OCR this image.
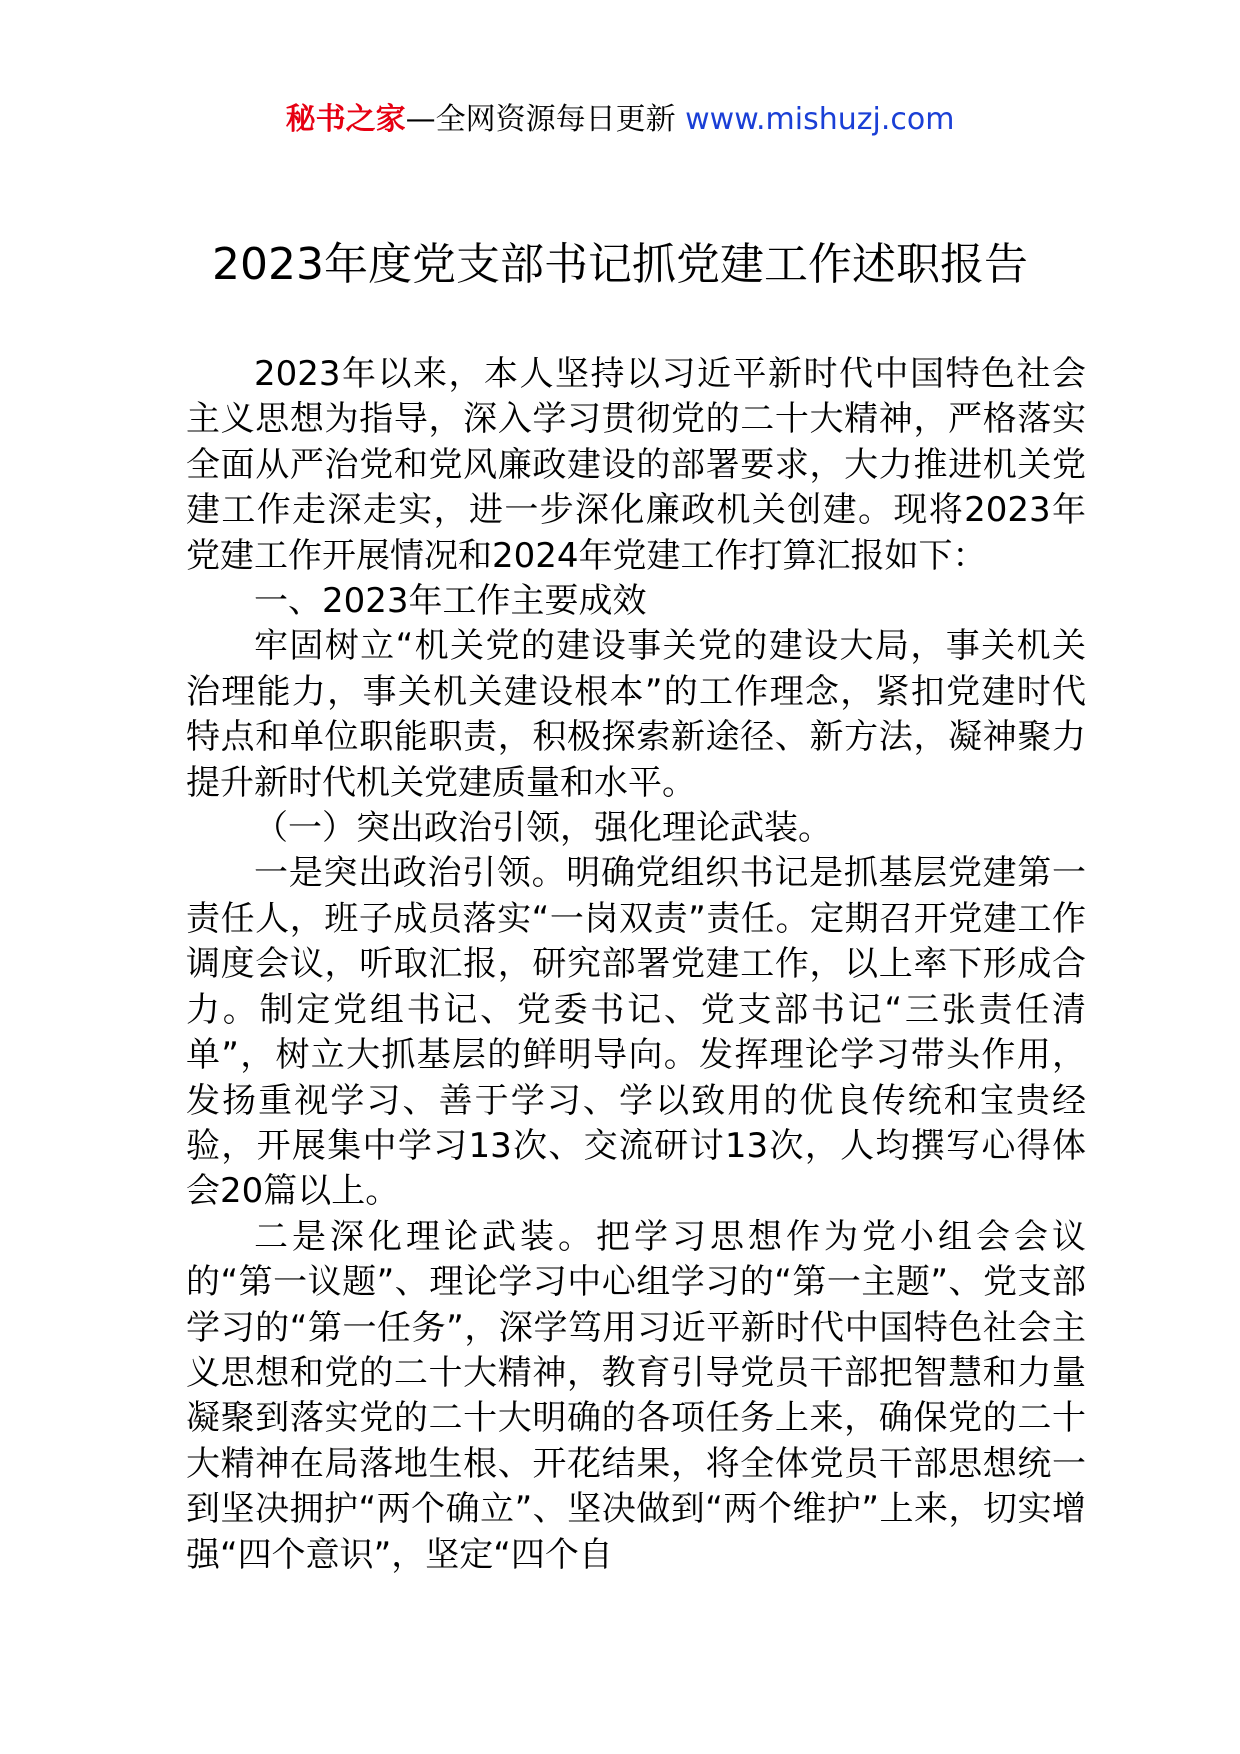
秘书之家—全网资源每日更新 www.mishuzj.com
2023年度党支部书记抓党建工作述职报告

2023年以来，本人坚持以习近平新时代中国特色社会主义思想为指导，深入学习贯彻党的二十大精神，严格落实全面从严治党和党风廉政建设的部署要求，大力推进机关党建工作走深走实，进一步深化廉政机关创建。现将2023年党建工作开展情况和2024年党建工作打算汇报如下：

一、2023年工作主要成效

牢固树立“机关党的建设事关党的建设大局，事关机关治理能力，事关机关建设根本”的工作理念，紧扣党建时代特点和单位职能职责，积极探索新途径、新方法，凝神聚力提升新时代机关党建质量和水平。

（一）突出政治引领，强化理论武装。

一是突出政治引领。明确党组织书记是抓基层党建第一责任人，班子成员落实“一岗双责”责任。定期召开党建工作调度会议，听取汇报，研究部署党建工作，以上率下形成合力。制定党组书记、党委书记、党支部书记“三张责任清单”，树立大抓基层的鲜明导向。发挥理论学习带头作用，发扬重视学习、善于学习、学以致用的优良传统和宝贵经验，开展集中学习13次、交流研讨13次，人均撰写心得体会20篇以上。

二是深化理论武装。把学习思想作为党小组会会议的“第一议题”、理论学习中心组学习的“第一主题”、党支部学习的“第一任务”，深学笃用习近平新时代中国特色社会主义思想和党的二十大精神，教育引导党员干部把智慧和力量凝聚到落实党的二十大明确的各项任务上来，确保党的二十大精神在局落地生根、开花结果，将全体党员干部思想统一到坚决拥护“两个确立”、坚决做到“两个维护”上来，切实增强“四个意识”，坚定“四个自
